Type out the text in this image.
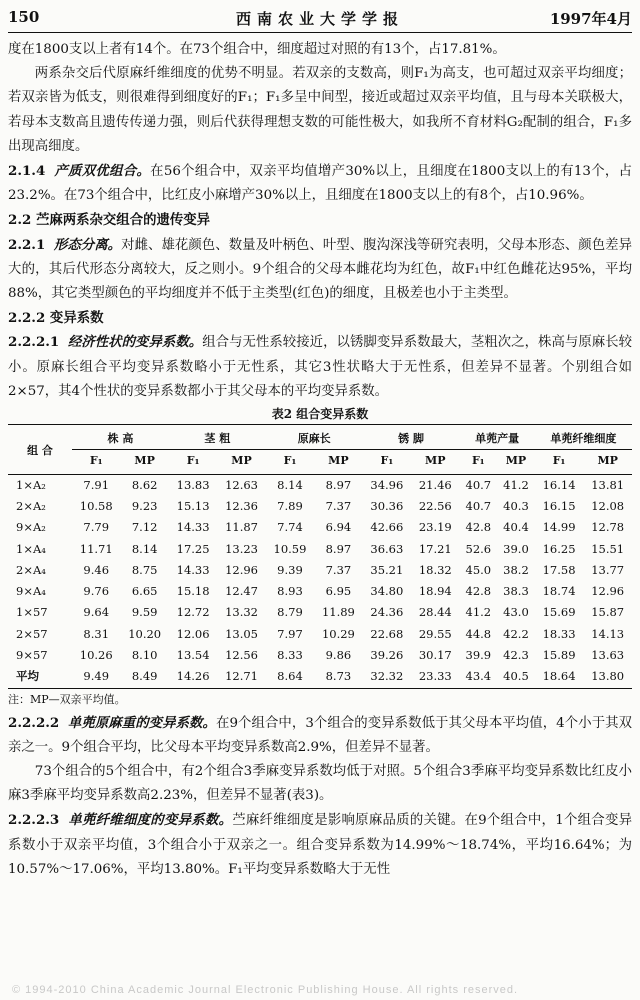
150	西南农业大学学报	1997年4月

度在1800支以上者有14个。在73个组合中，细度超过对照的有13个，占17.81%。

两系杂交后代原麻纤维细度的优势不明显。若双亲的支数高，则F₁为高支，也可超过双亲平均细度；若双亲皆为低支，则很难得到细度好的F₁；F₁多呈中间型，接近或超过双亲平均值，且与母本关联极大，若母本支数高且遗传传递力强，则后代获得理想支数的可能性极大，如我所不育材料G₂配制的组合，F₁多出现高细度。

2.1.4 产质双优组合。在56个组合中，双亲平均值增产30%以上，且细度在1800支以上的有13个，占23.2%。在73个组合中，比红皮小麻增产30%以上，且细度在1800支以上的有8个，占10.96%。

2.2 苎麻两系杂交组合的遗传变异

2.2.1 形态分离。对雌、雄花颜色、数量及叶柄色、叶型、腹沟深浅等研究表明，父母本形态、颜色差异大的，其后代形态分离较大，反之则小。9个组合的父母本雌花均为红色，故F₁中红色雌花达95%，平均88%，其它类型颜色的平均细度并不低于主类型(红色)的细度，且极差也小于主类型。

2.2.2 变异系数

2.2.2.1 经济性状的变异系数。组合与无性系较接近，以锈脚变异系数最大，茎粗次之，株高与原麻长较小。原麻长组合平均变异系数略小于无性系，其它3性状略大于无性系，但差异不显著。个别组合如2×57，其4个性状的变异系数都小于其父母本的平均变异系数。

表2 组合变异系数

组 合	株 高		茎 粗		原麻长		锈 脚		单蔸产量		单蔸纤维细度	
	F₁	MP	F₁	MP	F₁	MP	F₁	MP	F₁	MP	F₁	MP
1×A₂	7.91	8.62	13.83	12.63	8.14	8.97	34.96	21.46	40.7	41.2	16.14	13.81
2×A₂	10.58	9.23	15.13	12.36	7.89	7.37	30.36	22.56	40.7	40.3	16.15	12.08
9×A₂	7.79	7.12	14.33	11.87	7.74	6.94	42.66	23.19	42.8	40.4	14.99	12.78
1×A₄	11.71	8.14	17.25	13.23	10.59	8.97	36.63	17.21	52.6	39.0	16.25	15.51
2×A₄	9.46	8.75	14.33	12.96	9.39	7.37	35.21	18.32	45.0	38.2	17.58	13.77
9×A₄	9.76	6.65	15.18	12.47	8.93	6.95	34.80	18.94	42.8	38.3	18.74	12.96
1×57	9.64	9.59	12.72	13.32	8.79	11.89	24.36	28.44	41.2	43.0	15.69	15.87
2×57	8.31	10.20	12.06	13.05	7.97	10.29	22.68	29.55	44.8	42.2	18.33	14.13
9×57	10.26	8.10	13.54	12.56	8.33	9.86	39.26	30.17	39.9	42.3	15.89	13.63
平均	9.49	8.49	14.26	12.71	8.64	8.73	32.32	23.33	43.4	40.5	18.64	13.80

注：MP—双亲平均值。

2.2.2.2 单蔸原麻重的变异系数。在9个组合中，3个组合的变异系数低于其父母本平均值，4个小于其双亲之一。9个组合平均，比父母本平均变异系数高2.9%，但差异不显著。

73个组合的5个组合中，有2个组合3季麻变异系数均低于对照。5个组合3季麻平均变异系数比红皮小麻3季麻平均变异系数高2.23%，但差异不显著(表3)。

2.2.2.3 单蔸纤维细度的变异系数。苎麻纤维细度是影响原麻品质的关键。在9个组合中，1个组合变异系数小于双亲平均值，3个组合小于双亲之一。组合变异系数为14.99%～18.74%，平均16.64%；为10.57%～17.06%，平均13.80%。F₁平均变异系数略大于无性

© 1994-2010 China Academic Journal Electronic Publishing House. All rights reserved.
